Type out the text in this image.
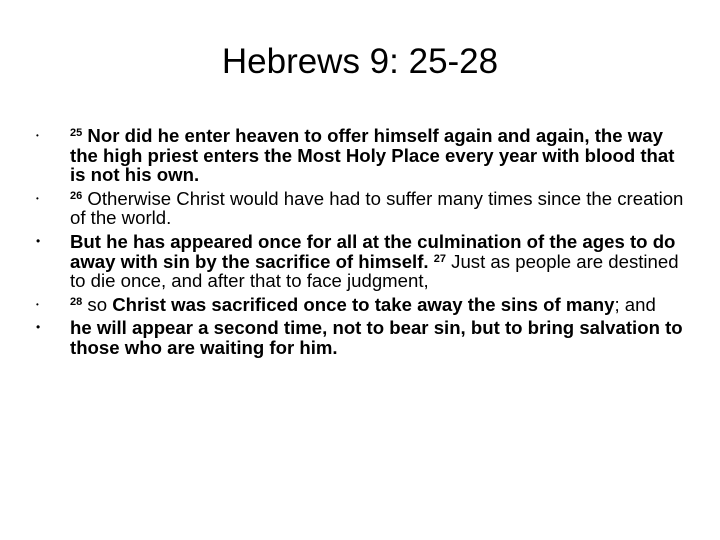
Hebrews 9: 25-28
•	$^{25}$ Nor did he enter heaven to offer himself again and again, the way the high priest enters the Most Holy Place every year with blood that is not his own.
•	$^{26}$ Otherwise Christ would have had to suffer many times since the creation of the world.
• But he has appeared once for all at the culmination of the ages to do away with sin by the sacrifice of himself. $^{27}$ Just as people are destined to die once, and after that to face judgment,
•	$^{28}$ so Christ was sacrificed once to take away the sins of many; and
• he will appear a second time, not to bear sin, but to bring salvation to those who are waiting for him.
